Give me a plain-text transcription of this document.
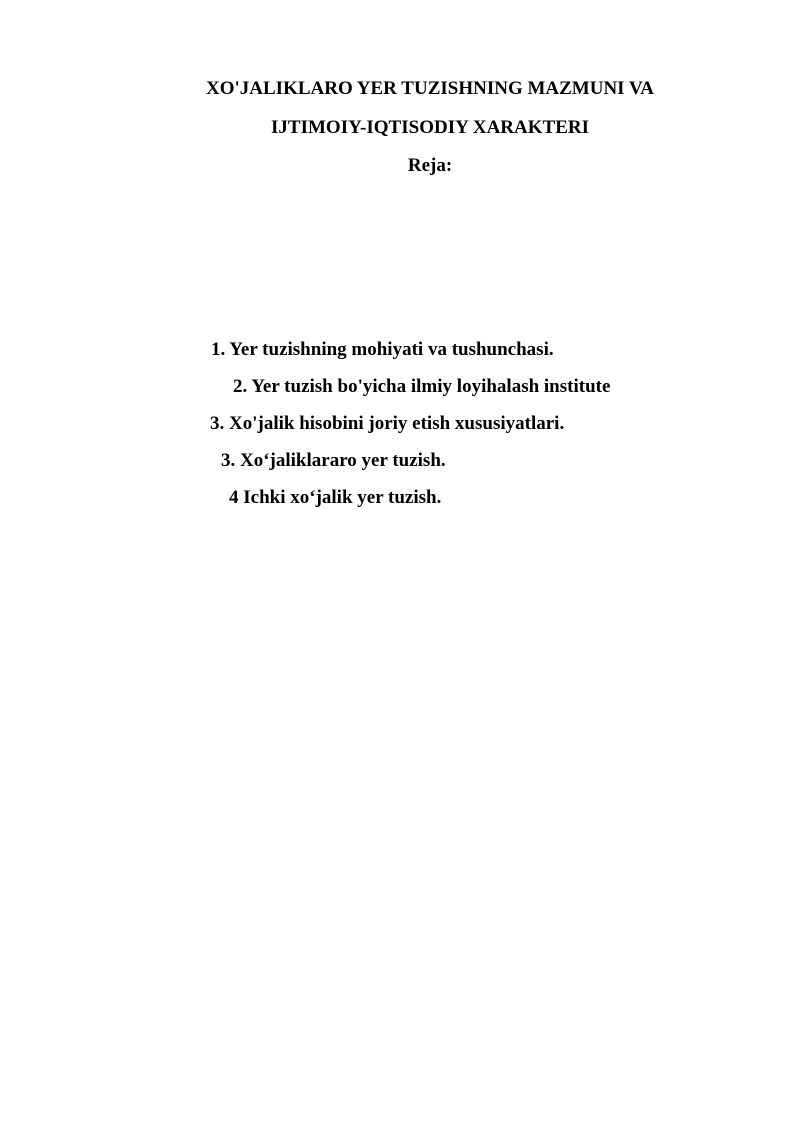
XO'JALIKLARO YER TUZISHNING MAZMUNI VA
IJTIMOIY-IQTISODIY XARAKTERI
Reja:
1. Yer tuzishning mohiyati va tushunchasi.
2. Yer tuzish bo'yicha ilmiy loyihalash institute
3. Xo'jalik hisobini joriy etish xususiyatlari.
3. Xo‘jaliklararo yer tuzish.
4 Ichki xo‘jalik yer tuzish.
